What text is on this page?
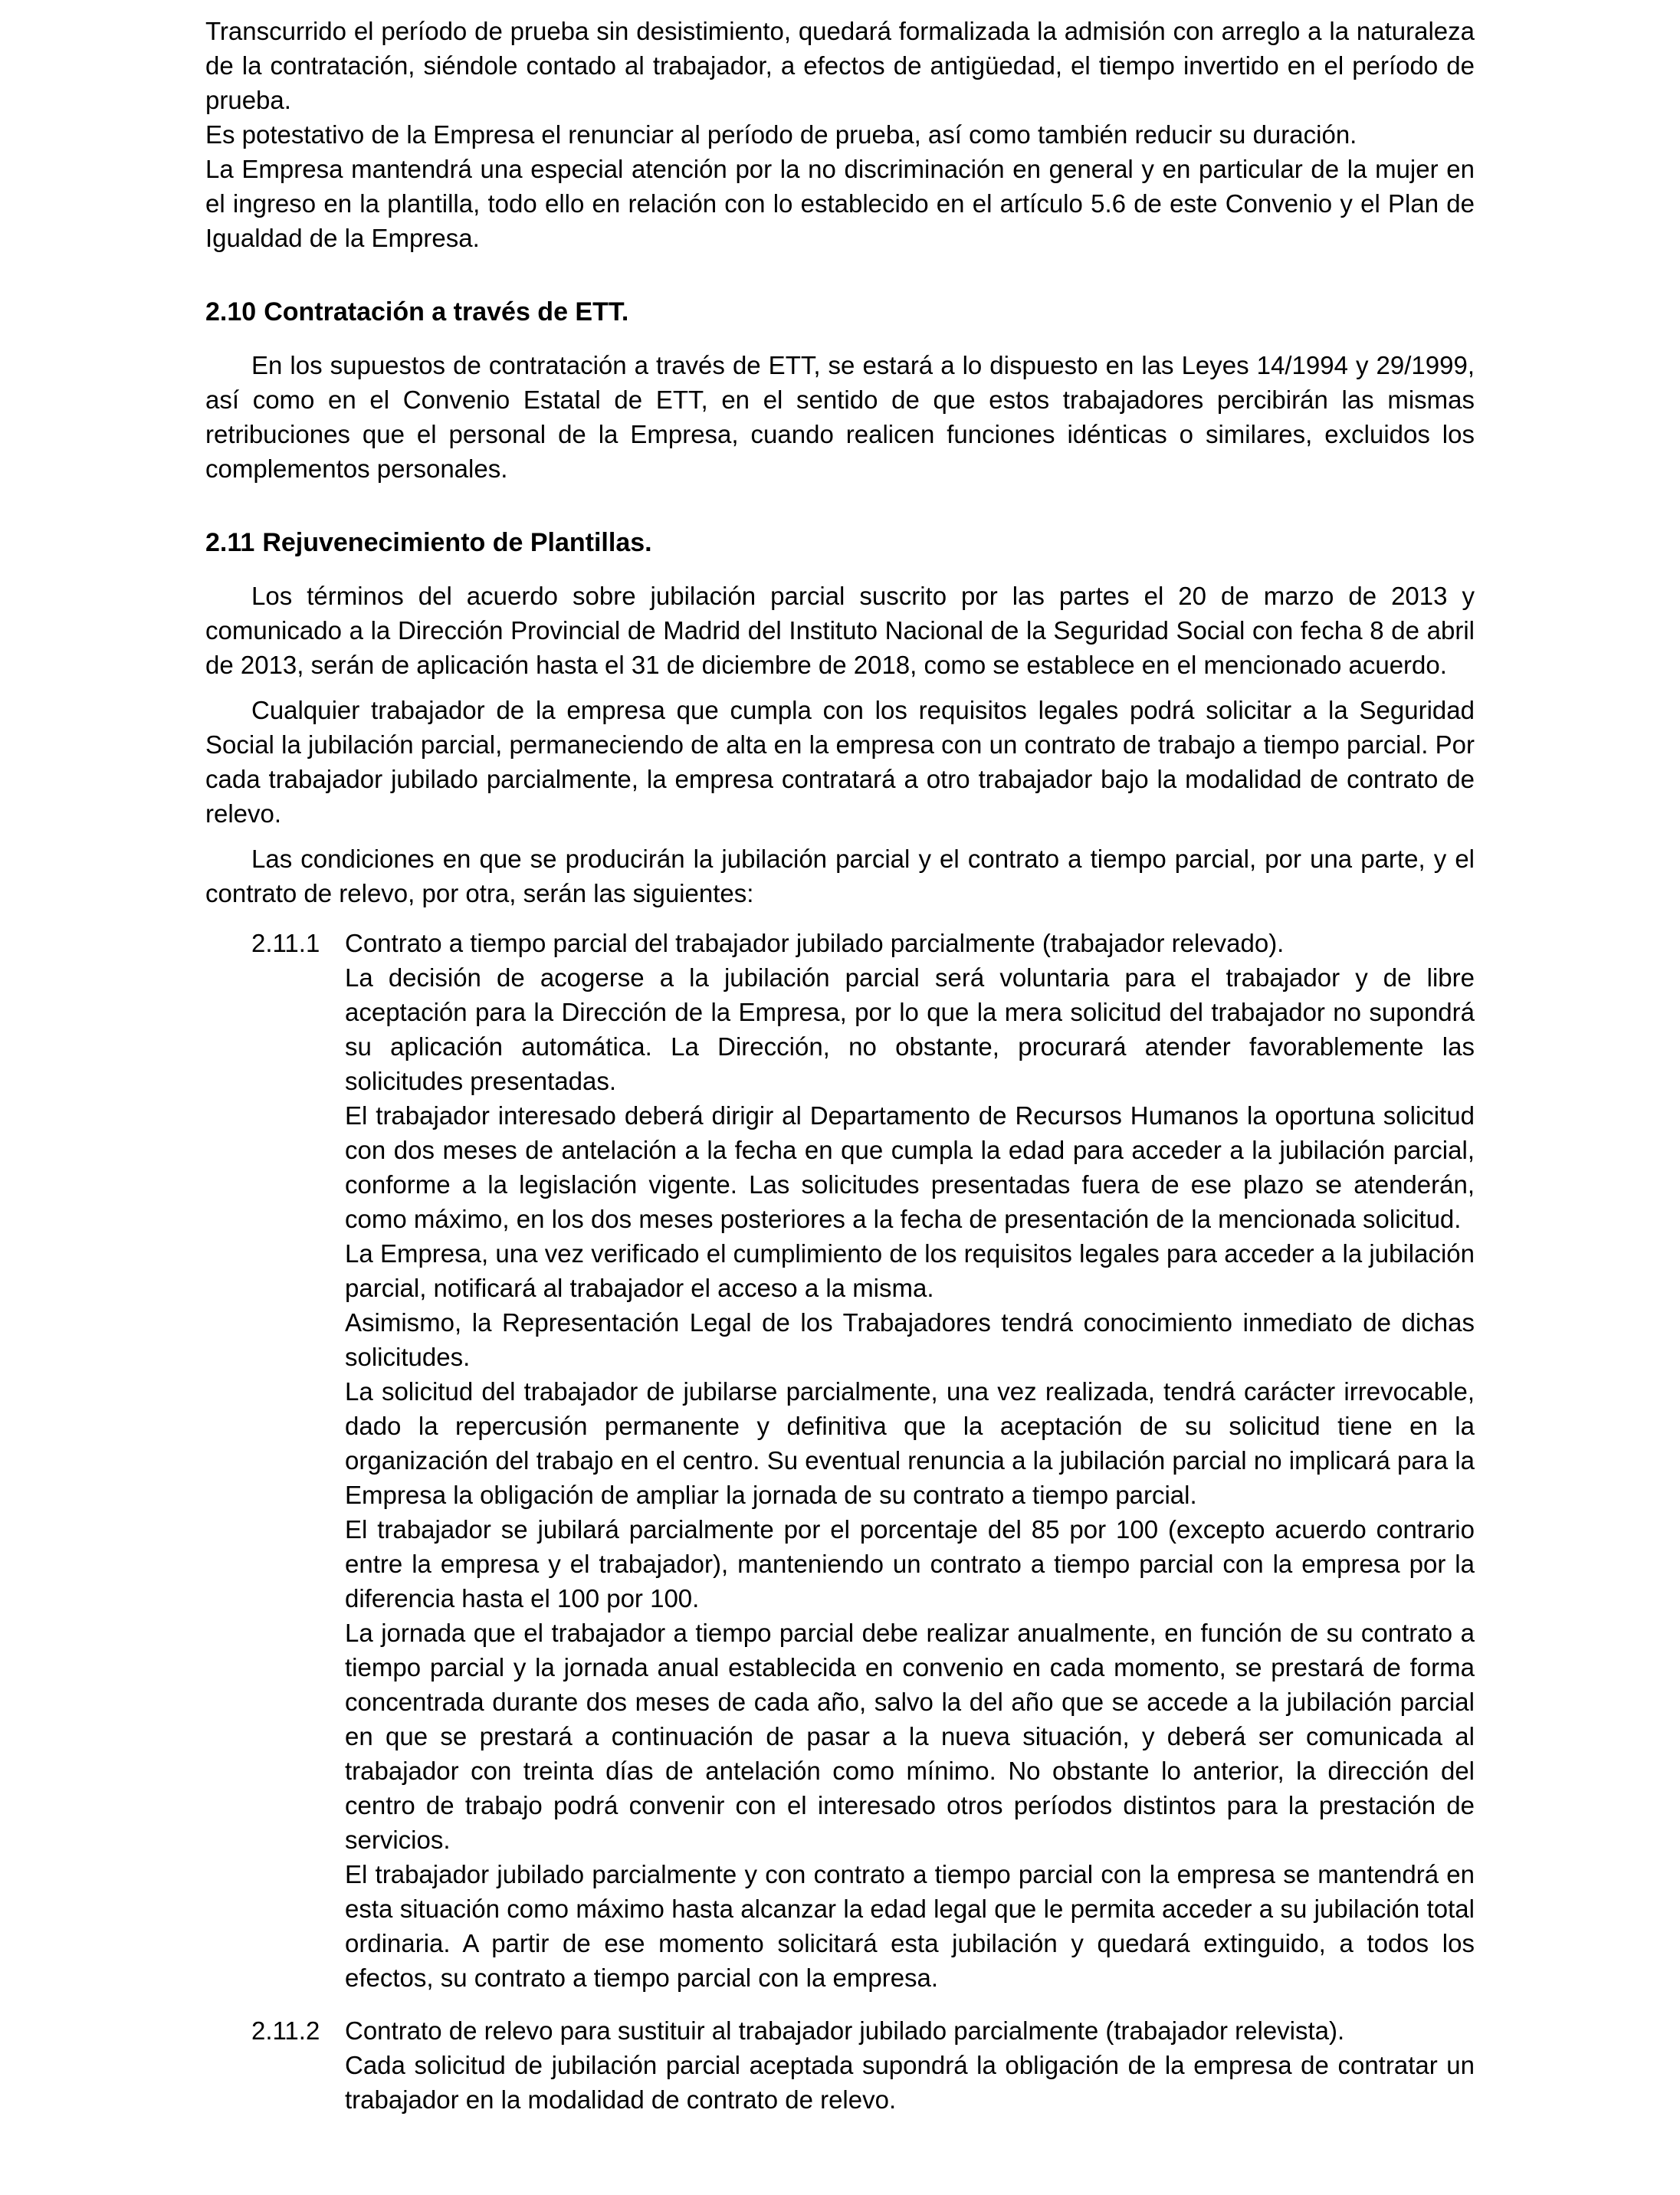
Transcurrido el período de prueba sin desistimiento, quedará formalizada la admisión con arreglo a la naturaleza de la contratación, siéndole contado al trabajador, a efectos de antigüedad, el tiempo invertido en el período de prueba.

Es potestativo de la Empresa el renunciar al período de prueba, así como también reducir su duración.

La Empresa mantendrá una especial atención por la no discriminación en general y en particular de la mujer en el ingreso en la plantilla, todo ello en relación con lo establecido en el artículo 5.6 de este Convenio y el Plan de Igualdad de la Empresa.

2.10 Contratación a través de ETT.

En los supuestos de contratación a través de ETT, se estará a lo dispuesto en las Leyes 14/1994 y 29/1999, así como en el Convenio Estatal de ETT, en el sentido de que estos trabajadores percibirán las mismas retribuciones que el personal de la Empresa, cuando realicen funciones idénticas o similares, excluidos los complementos personales.

2.11 Rejuvenecimiento de Plantillas.

Los términos del acuerdo sobre jubilación parcial suscrito por las partes el 20 de marzo de 2013 y comunicado a la Dirección Provincial de Madrid del Instituto Nacional de la Seguridad Social con fecha 8 de abril de 2013, serán de aplicación hasta el 31 de diciembre de 2018, como se establece en el mencionado acuerdo.

Cualquier trabajador de la empresa que cumpla con los requisitos legales podrá solicitar a la Seguridad Social la jubilación parcial, permaneciendo de alta en la empresa con un contrato de trabajo a tiempo parcial. Por cada trabajador jubilado parcialmente, la empresa contratará a otro trabajador bajo la modalidad de contrato de relevo.

Las condiciones en que se producirán la jubilación parcial y el contrato a tiempo parcial, por una parte, y el contrato de relevo, por otra, serán las siguientes:

2.11.1 Contrato a tiempo parcial del trabajador jubilado parcialmente (trabajador relevado).

La decisión de acogerse a la jubilación parcial será voluntaria para el trabajador y de libre aceptación para la Dirección de la Empresa, por lo que la mera solicitud del trabajador no supondrá su aplicación automática. La Dirección, no obstante, procurará atender favorablemente las solicitudes presentadas.

El trabajador interesado deberá dirigir al Departamento de Recursos Humanos la oportuna solicitud con dos meses de antelación a la fecha en que cumpla la edad para acceder a la jubilación parcial, conforme a la legislación vigente. Las solicitudes presentadas fuera de ese plazo se atenderán, como máximo, en los dos meses posteriores a la fecha de presentación de la mencionada solicitud.

La Empresa, una vez verificado el cumplimiento de los requisitos legales para acceder a la jubilación parcial, notificará al trabajador el acceso a la misma.

Asimismo, la Representación Legal de los Trabajadores tendrá conocimiento inmediato de dichas solicitudes.

La solicitud del trabajador de jubilarse parcialmente, una vez realizada, tendrá carácter irrevocable, dado la repercusión permanente y definitiva que la aceptación de su solicitud tiene en la organización del trabajo en el centro. Su eventual renuncia a la jubilación parcial no implicará para la Empresa la obligación de ampliar la jornada de su contrato a tiempo parcial.

El trabajador se jubilará parcialmente por el porcentaje del 85 por 100 (excepto acuerdo contrario entre la empresa y el trabajador), manteniendo un contrato a tiempo parcial con la empresa por la diferencia hasta el 100 por 100.

La jornada que el trabajador a tiempo parcial debe realizar anualmente, en función de su contrato a tiempo parcial y la jornada anual establecida en convenio en cada momento, se prestará de forma concentrada durante dos meses de cada año, salvo la del año que se accede a la jubilación parcial en que se prestará a continuación de pasar a la nueva situación, y deberá ser comunicada al trabajador con treinta días de antelación como mínimo. No obstante lo anterior, la dirección del centro de trabajo podrá convenir con el interesado otros períodos distintos para la prestación de servicios.

El trabajador jubilado parcialmente y con contrato a tiempo parcial con la empresa se mantendrá en esta situación como máximo hasta alcanzar la edad legal que le permita acceder a su jubilación total ordinaria. A partir de ese momento solicitará esta jubilación y quedará extinguido, a todos los efectos, su contrato a tiempo parcial con la empresa.

2.11.2 Contrato de relevo para sustituir al trabajador jubilado parcialmente (trabajador relevista).

Cada solicitud de jubilación parcial aceptada supondrá la obligación de la empresa de contratar un trabajador en la modalidad de contrato de relevo.
